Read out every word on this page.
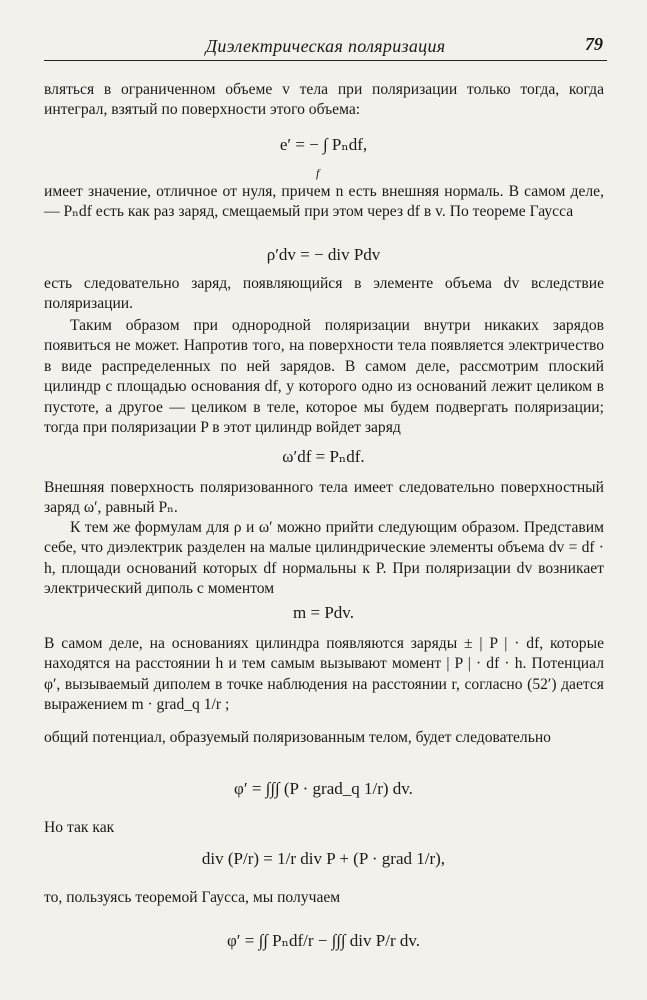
Диэлектрическая поляризация	79

вляться в ограниченном объеме v тела при поляризации только тогда, когда интеграл, взятый по поверхности этого объема:

e′ = − ∫ Pₙdf,
f

имеет значение, отличное от нуля, причем n есть внешняя нормаль. В самом деле, — Pₙdf есть как раз заряд, смещаемый при этом через df в v. По теореме Гаусса

ρ′dv = − div Pdv

есть следовательно заряд, появляющийся в элементе объема dv вследствие поляризации.

Таким образом при однородной поляризации внутри никаких зарядов появиться не может. Напротив того, на поверхности тела появляется электричество в виде распределенных по ней зарядов. В самом деле, рассмотрим плоский цилиндр с площадью основания df, у которого одно из оснований лежит целиком в пустоте, а другое — целиком в теле, которое мы будем подвергать поляризации; тогда при поляризации P в этот цилиндр войдет заряд

ω′df = Pₙdf.

Внешняя поверхность поляризованного тела имеет следовательно поверхностный заряд ω′, равный Pₙ.

К тем же формулам для ρ и ω′ можно прийти следующим образом. Представим себе, что диэлектрик разделен на малые цилиндрические элементы объема dv = df · h, площади оснований которых df нормальны к P. При поляризации dv возникает электрический диполь с моментом

m = Pdv.

В самом деле, на основаниях цилиндра появляются заряды ± | P | · df, которые находятся на расстоянии h и тем самым вызывают момент | P | · df · h. Потенциал φ′, вызываемый диполем в точке наблюдения на расстоянии r, согласно (52′) дается выражением m · grad_q 1/r ;

общий потенциал, образуемый поляризованным телом, будет следовательно

φ′ = ∫∫∫ (P · grad_q 1/r) dv.

Но так как

div (P/r) = 1/r div P + (P · grad 1/r),

то, пользуясь теоремой Гаусса, мы получаем

φ′ = ∫∫ Pₙdf/r − ∫∫∫ div P/r dv.
